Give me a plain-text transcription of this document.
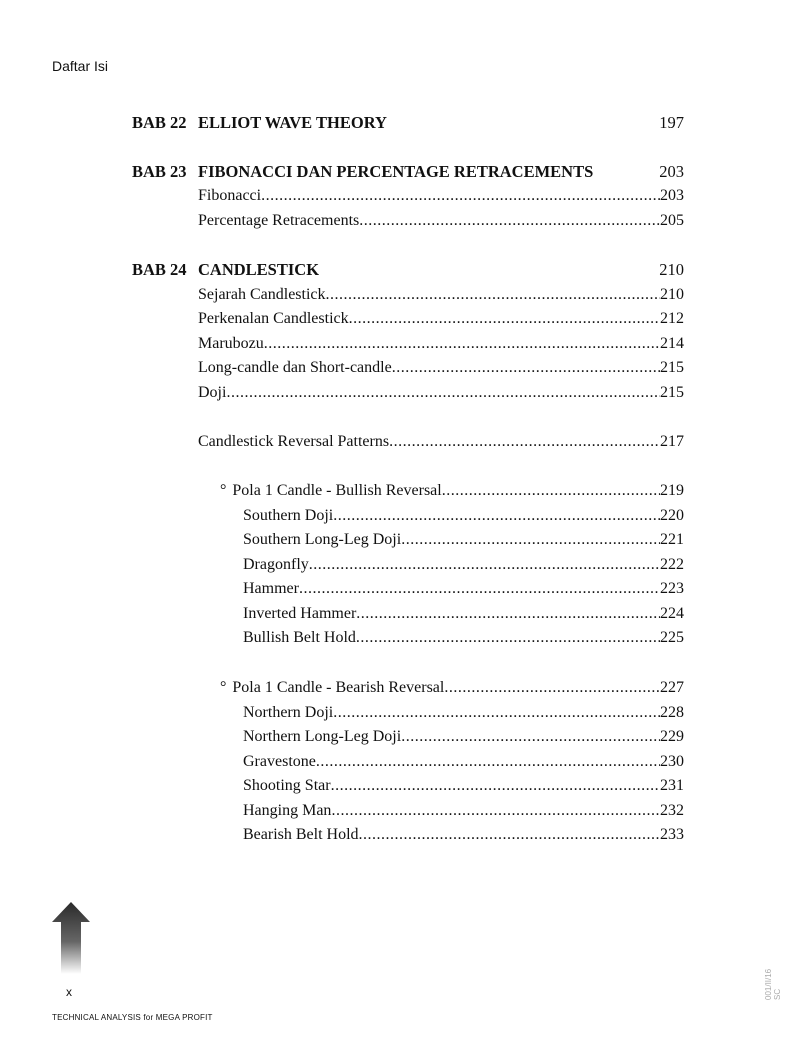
Daftar Isi
BAB 22 ELLIOT WAVE THEORY	197
BAB 23 FIBONACCI DAN PERCENTAGE RETRACEMENTS	203
Fibonacci .....	203
Percentage Retracements .....	205
BAB 24 CANDLESTICK	210
Sejarah Candlestick .....	210
Perkenalan Candlestick .....	212
Marubozu .....	214
Long-candle dan Short-candle .....	215
Doji .....	215
Candlestick Reversal Patterns .....	217
° Pola 1 Candle - Bullish Reversal .....	219
Southern Doji .....	220
Southern Long-Leg Doji .....	221
Dragonfly .....	222
Hammer .....	223
Inverted Hammer .....	224
Bullish Belt Hold .....	225
° Pola 1 Candle - Bearish Reversal .....	227
Northern Doji .....	228
Northern Long-Leg Doji .....	229
Gravestone .....	230
Shooting Star .....	231
Hanging Man .....	232
Bearish Belt Hold .....	233
x
TECHNICAL ANALYSIS for MEGA PROFIT
001/II/16 SC
